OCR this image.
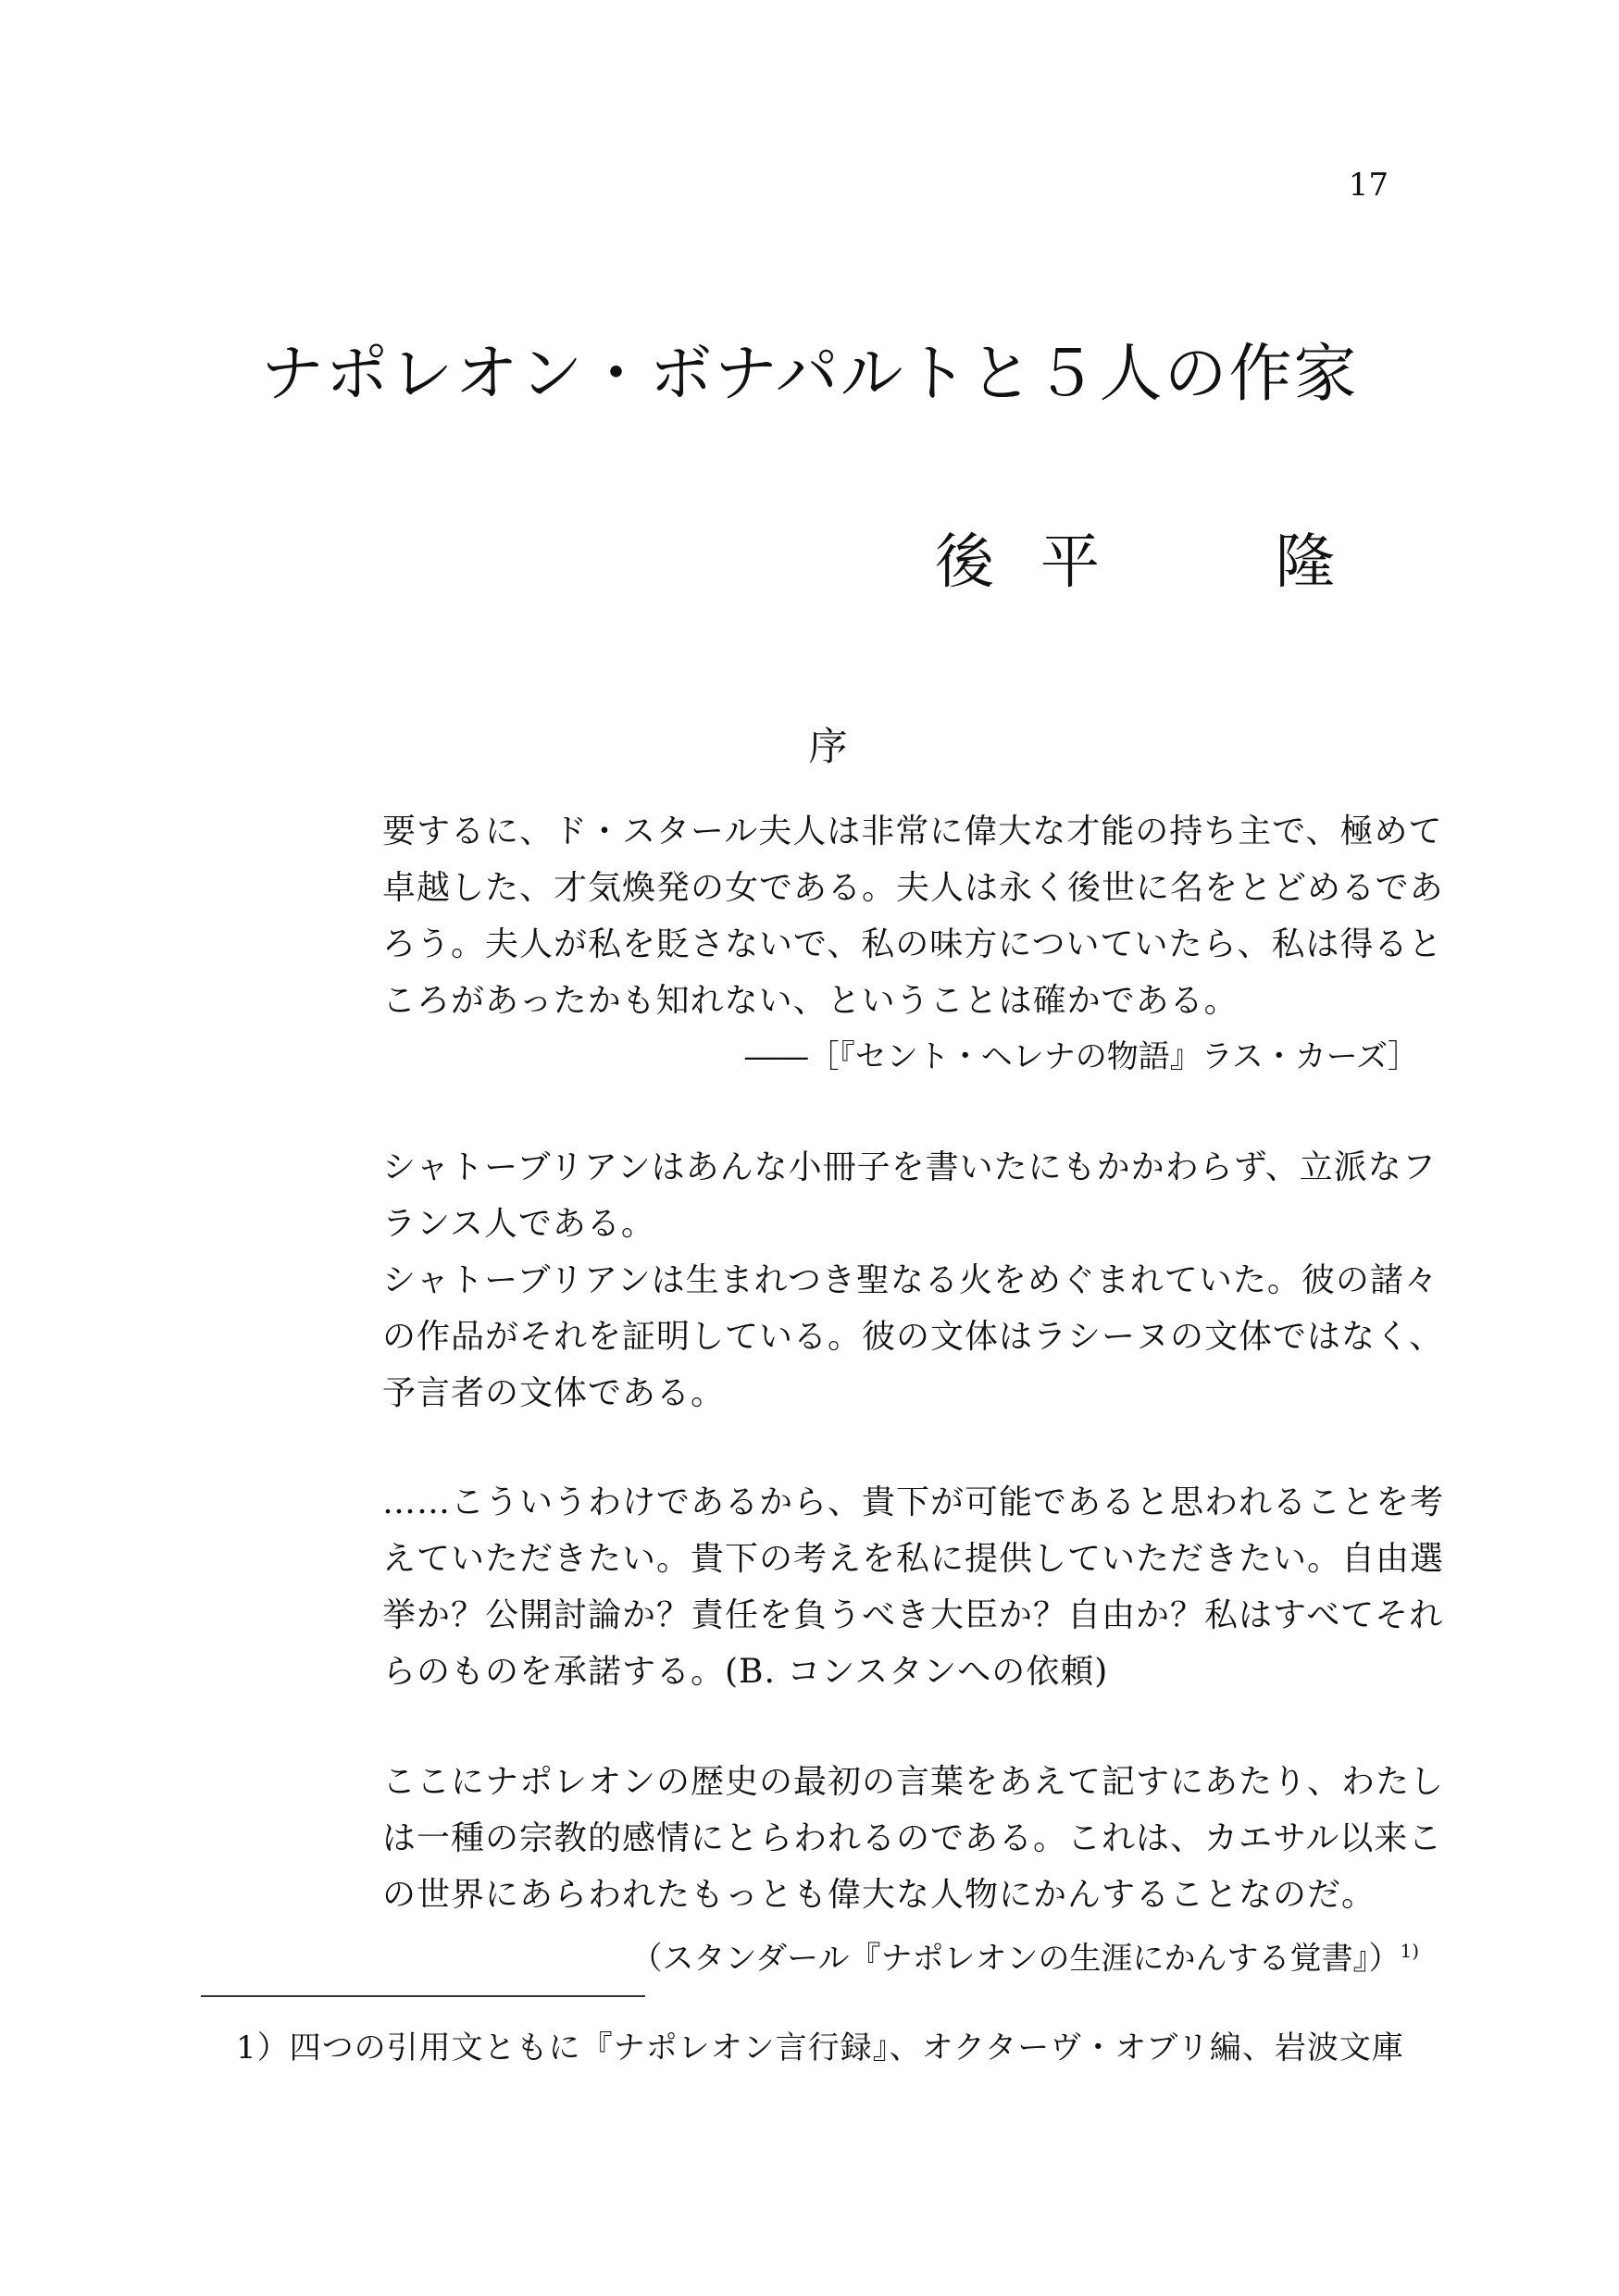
17
ナポレオン・ボナパルトと５人の作家
後 平	隆
序
要するに、ド・スタール夫人は非常に偉大な才能の持ち主で、極めて
卓越した、才気煥発の女である。夫人は永く後世に名をとどめるであ
ろう。夫人が私を貶さないで、私の味方についていたら、私は得ると
ころがあったかも知れない、ということは確かである。
――［『セント・ヘレナの物語』ラス・カーズ］
シャトーブリアンはあんな小冊子を書いたにもかかわらず、立派なフ
ランス人である。
シャトーブリアンは生まれつき聖なる火をめぐまれていた。彼の諸々
の作品がそれを証明している。彼の文体はラシーヌの文体ではなく、
予言者の文体である。
……こういうわけであるから、貴下が可能であると思われることを考
えていただきたい。貴下の考えを私に提供していただきたい。自由選
挙か？公開討論か？責任を負うべき大臣か？自由か？私はすべてそれ
らのものを承諾する。(B. コンスタンへの依頼)
ここにナポレオンの歴史の最初の言葉をあえて記すにあたり、わたし
は一種の宗教的感情にとらわれるのである。これは、カエサル以来こ
の世界にあらわれたもっとも偉大な人物にかんすることなのだ。
（スタンダール『ナポレオンの生涯にかんする覚書』）$^{1)}$
1）四つの引用文ともに『ナポレオン言行録』、オクターヴ・オブリ編、岩波文庫
